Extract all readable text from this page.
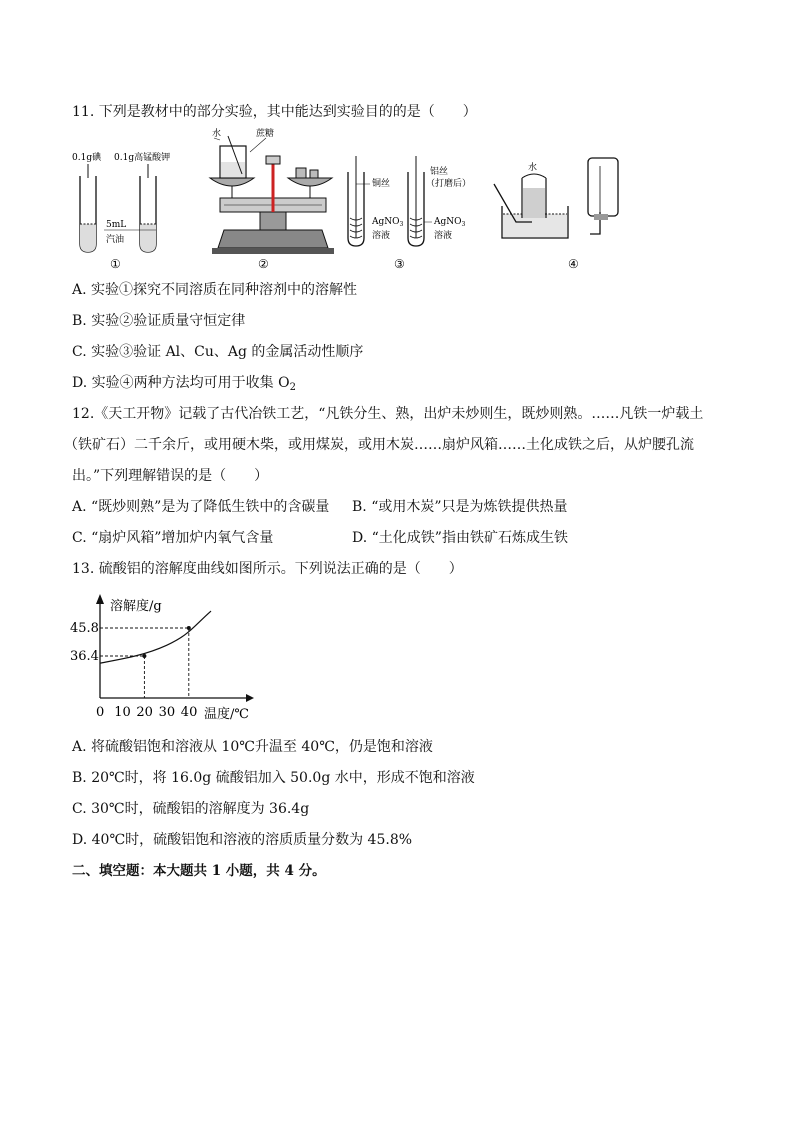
11. 下列是教材中的部分实验，其中能达到实验目的的是（　　）
0.1g碘 0.1g高锰酸钾
5mL
汽油
①
水	蔗糖
②
铜丝
AgNO$_3$
溶液
铝丝
（打磨后）
AgNO$_3$
溶液
③
水
④
A. 实验①探究不同溶质在同种溶剂中的溶解性
B. 实验②验证质量守恒定律
C. 实验③验证 Al、Cu、Ag 的金属活动性顺序
D. 实验④两种方法均可用于收集 $O_2$
12.《天工开物》记载了古代冶铁工艺，“凡铁分生、熟，出炉未炒则生，既炒则熟。……凡铁一炉载土
（铁矿石）二千余斤，或用硬木柴，或用煤炭，或用木炭……扇炉风箱……土化成铁之后，从炉腰孔流
出。”下列理解错误的是（　　）
A. “既炒则熟”是为了降低生铁中的含碳量 B. “或用木炭”只是为炼铁提供热量
C. “扇炉风箱”增加炉内氧气含量	D. “土化成铁”指由铁矿石炼成生铁
13. 硫酸铝的溶解度曲线如图所示。下列说法正确的是（　　）
溶解度/g
温度/℃
0 10 20 30 40
36.4
45.8
A. 将硫酸铝饱和溶液从 10℃升温至 40℃，仍是饱和溶液
B. 20℃时，将 16.0g 硫酸铝加入 50.0g 水中，形成不饱和溶液
C. 30℃时，硫酸铝的溶解度为 36.4g
D. 40℃时，硫酸铝饱和溶液的溶质质量分数为 45.8%
二、填空题：本大题共 1 小题，共 4 分。
